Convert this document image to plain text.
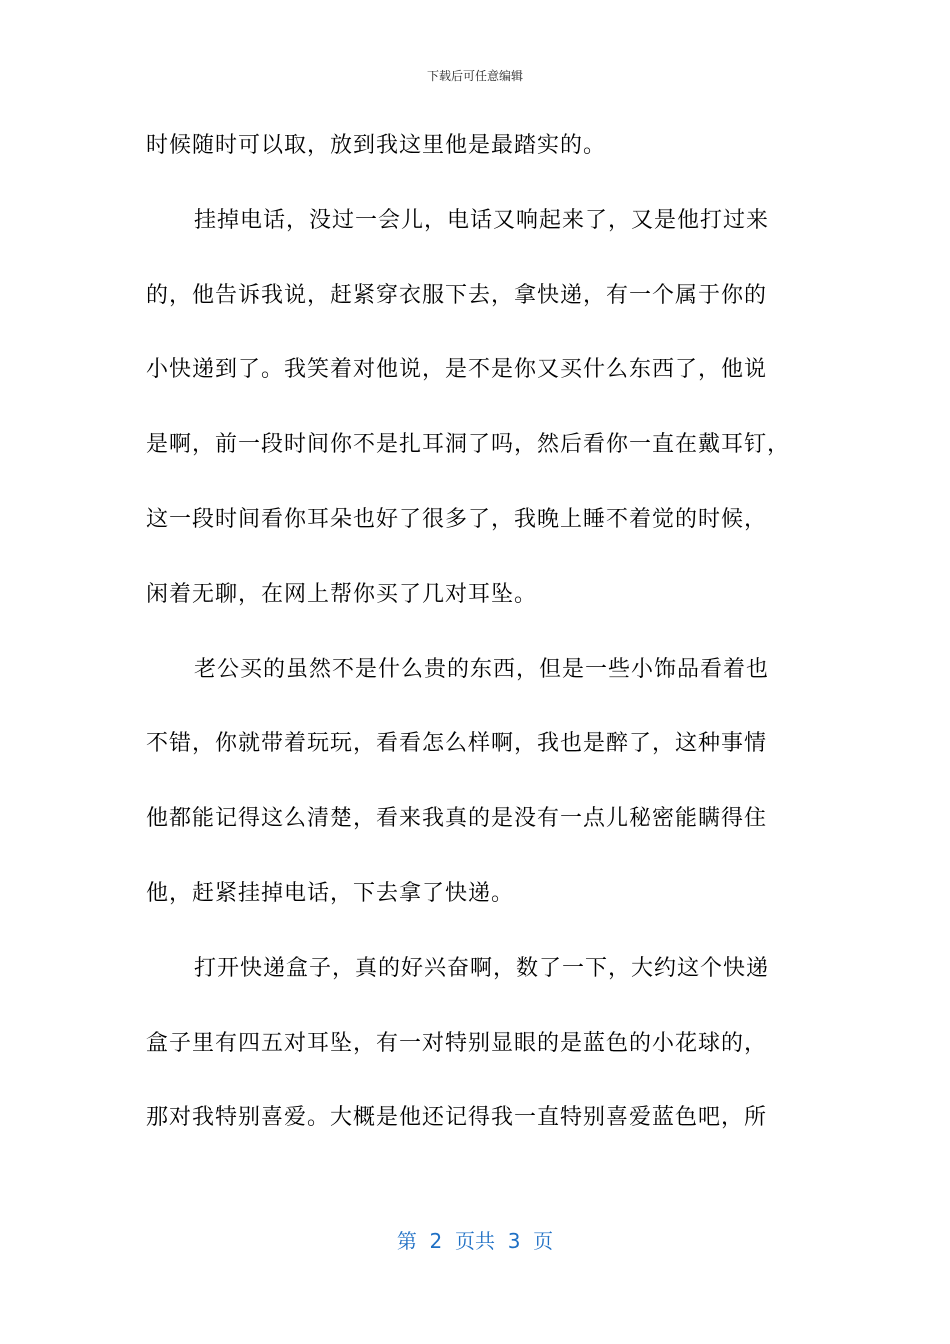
下载后可任意编辑
时候随时可以取，放到我这里他是最踏实的。
挂掉电话，没过一会儿，电话又响起来了，又是他打过来
的，他告诉我说，赶紧穿衣服下去，拿快递，有一个属于你的
小快递到了。我笑着对他说，是不是你又买什么东西了，他说
是啊，前一段时间你不是扎耳洞了吗，然后看你一直在戴耳钉，
这一段时间看你耳朵也好了很多了，我晚上睡不着觉的时候，
闲着无聊，在网上帮你买了几对耳坠。
老公买的虽然不是什么贵的东西，但是一些小饰品看着也
不错，你就带着玩玩，看看怎么样啊，我也是醉了，这种事情
他都能记得这么清楚，看来我真的是没有一点儿秘密能瞒得住
他，赶紧挂掉电话，下去拿了快递。
打开快递盒子，真的好兴奋啊，数了一下，大约这个快递
盒子里有四五对耳坠，有一对特别显眼的是蓝色的小花球的，
那对我特别喜爱。大概是他还记得我一直特别喜爱蓝色吧，所
第  2  页共  3  页
